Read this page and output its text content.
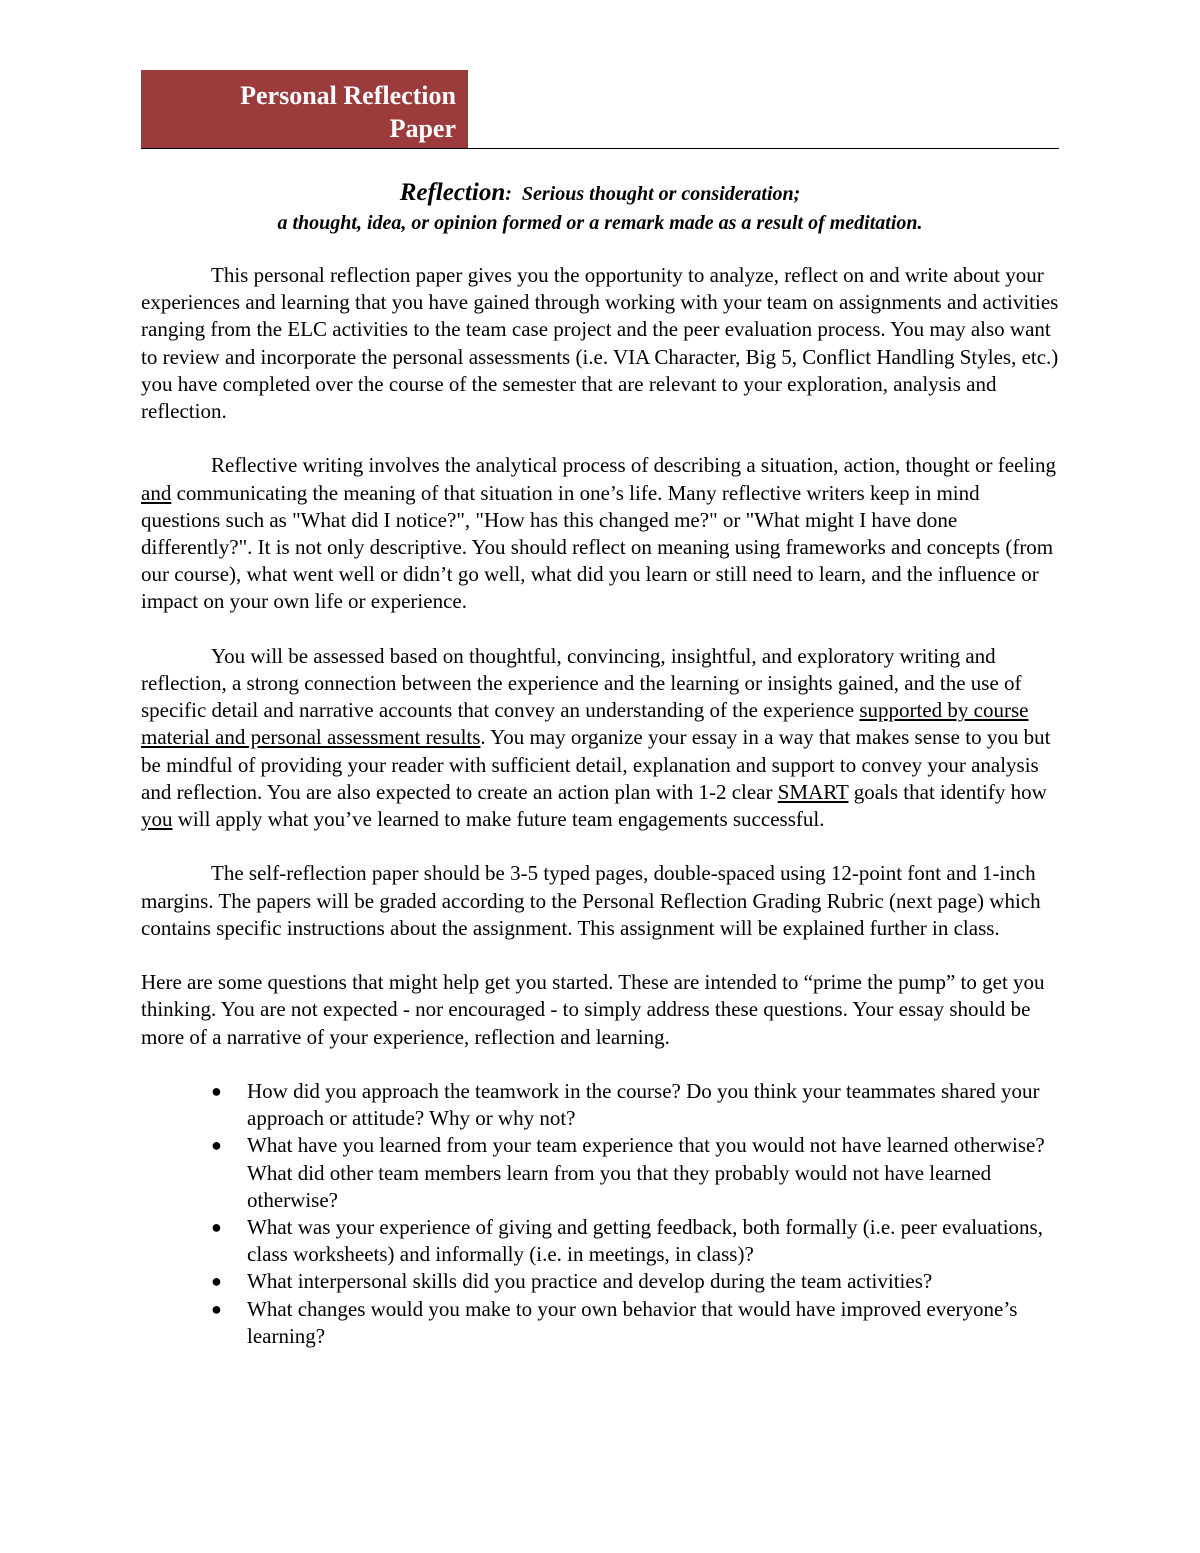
Personal Reflection
Paper
Reflection:  Serious thought or consideration;
a thought, idea, or opinion formed or a remark made as a result of meditation.

This personal reflection paper gives you the opportunity to analyze, reflect on and write about your experiences and learning that you have gained through working with your team on assignments and activities ranging from the ELC activities to the team case project and the peer evaluation process. You may also want to review and incorporate the personal assessments (i.e. VIA Character, Big 5, Conflict Handling Styles, etc.) you have completed over the course of the semester that are relevant to your exploration, analysis and reflection.

Reflective writing involves the analytical process of describing a situation, action, thought or feeling and communicating the meaning of that situation in one’s life. Many reflective writers keep in mind questions such as "What did I notice?", "How has this changed me?" or "What might I have done differently?". It is not only descriptive. You should reflect on meaning using frameworks and concepts (from our course), what went well or didn’t go well, what did you learn or still need to learn, and the influence or impact on your own life or experience.

You will be assessed based on thoughtful, convincing, insightful, and exploratory writing and reflection, a strong connection between the experience and the learning or insights gained, and the use of specific detail and narrative accounts that convey an understanding of the experience supported by course material and personal assessment results. You may organize your essay in a way that makes sense to you but be mindful of providing your reader with sufficient detail, explanation and support to convey your analysis and reflection. You are also expected to create an action plan with 1-2 clear SMART goals that identify how you will apply what you’ve learned to make future team engagements successful.

The self-reflection paper should be 3-5 typed pages, double-spaced using 12-point font and 1-inch margins. The papers will be graded according to the Personal Reflection Grading Rubric (next page) which contains specific instructions about the assignment. This assignment will be explained further in class.

Here are some questions that might help get you started. These are intended to “prime the pump” to get you thinking. You are not expected - nor encouraged - to simply address these questions. Your essay should be more of a narrative of your experience, reflection and learning.

● How did you approach the teamwork in the course? Do you think your teammates shared your approach or attitude? Why or why not?
● What have you learned from your team experience that you would not have learned otherwise? What did other team members learn from you that they probably would not have learned otherwise?
● What was your experience of giving and getting feedback, both formally (i.e. peer evaluations, class worksheets) and informally (i.e. in meetings, in class)?
● What interpersonal skills did you practice and develop during the team activities?
● What changes would you make to your own behavior that would have improved everyone’s learning?
